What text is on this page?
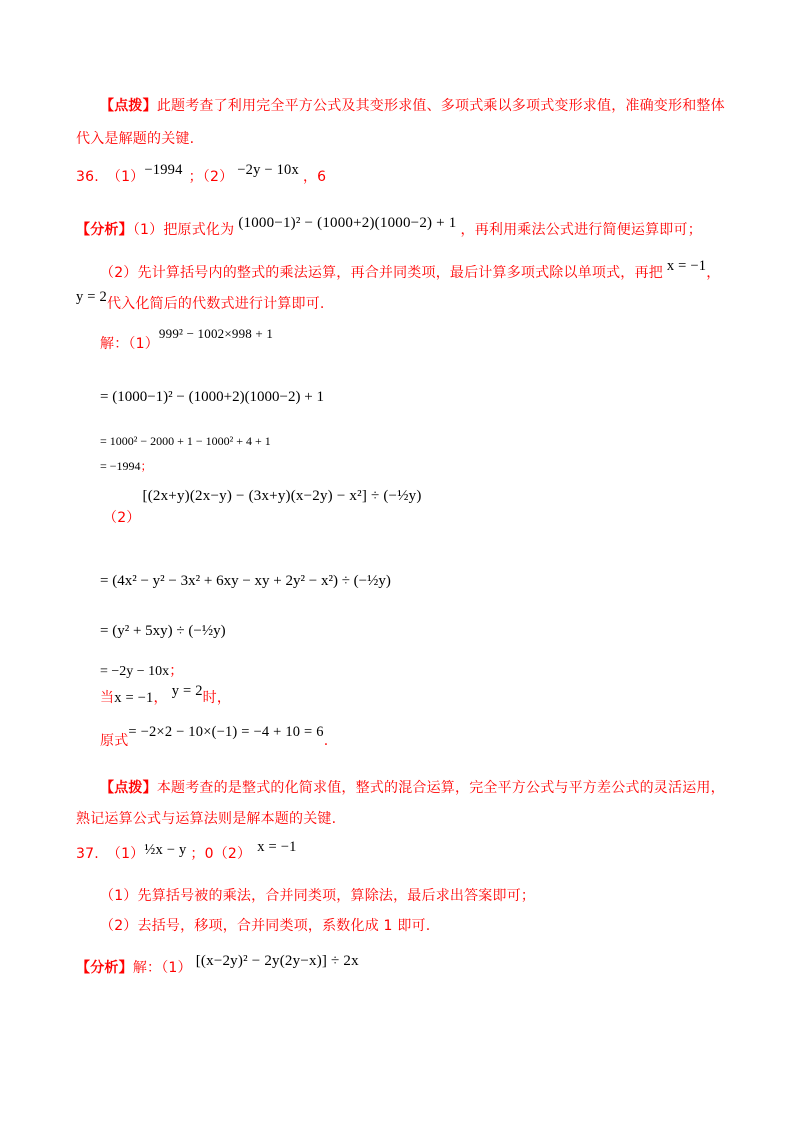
【点拨】此题考查了利用完全平方公式及其变形求值、多项式乘以多项式变形求值，准确变形和整体
代入是解题的关键.
36. （1）−1994 ；（2） −2y − 10x ，6
【分析】（1）把原式化为 (1000−1)² − (1000+2)(1000−2) + 1 ，再利用乘法公式进行简便运算即可；
（2）先计算括号内的整式的乘法运算，再合并同类项，最后计算多项式除以单项式，再把 x = −1，
y = 2代入化简后的代数式进行计算即可.
解：（1）999² − 1002×998 + 1
= (1000−1)² − (1000+2)(1000−2) + 1
= 1000² − 2000 + 1 − 1000² + 4 + 1
= −1994；
（2）[(2x+y)(2x−y) − (3x+y)(x−2y) − x²] ÷ (−½y)
= (4x² − y² − 3x² + 6xy − xy + 2y² − x²) ÷ (−½y)
= (y² + 5xy) ÷ (−½y)
= −2y − 10x；
当x = −1， y = 2时，
原式= −2×2 − 10×(−1) = −4 + 10 = 6.
【点拨】本题考查的是整式的化简求值，整式的混合运算，完全平方公式与平方差公式的灵活运用，
熟记运算公式与运算法则是解本题的关键.
37. （1）½x − y ；0（2） x = −1
（1）先算括号被的乘法，合并同类项，算除法，最后求出答案即可；
（2）去括号，移项，合并同类项，系数化成 1 即可.
【分析】解：（1） [(x−2y)² − 2y(2y−x)] ÷ 2x
